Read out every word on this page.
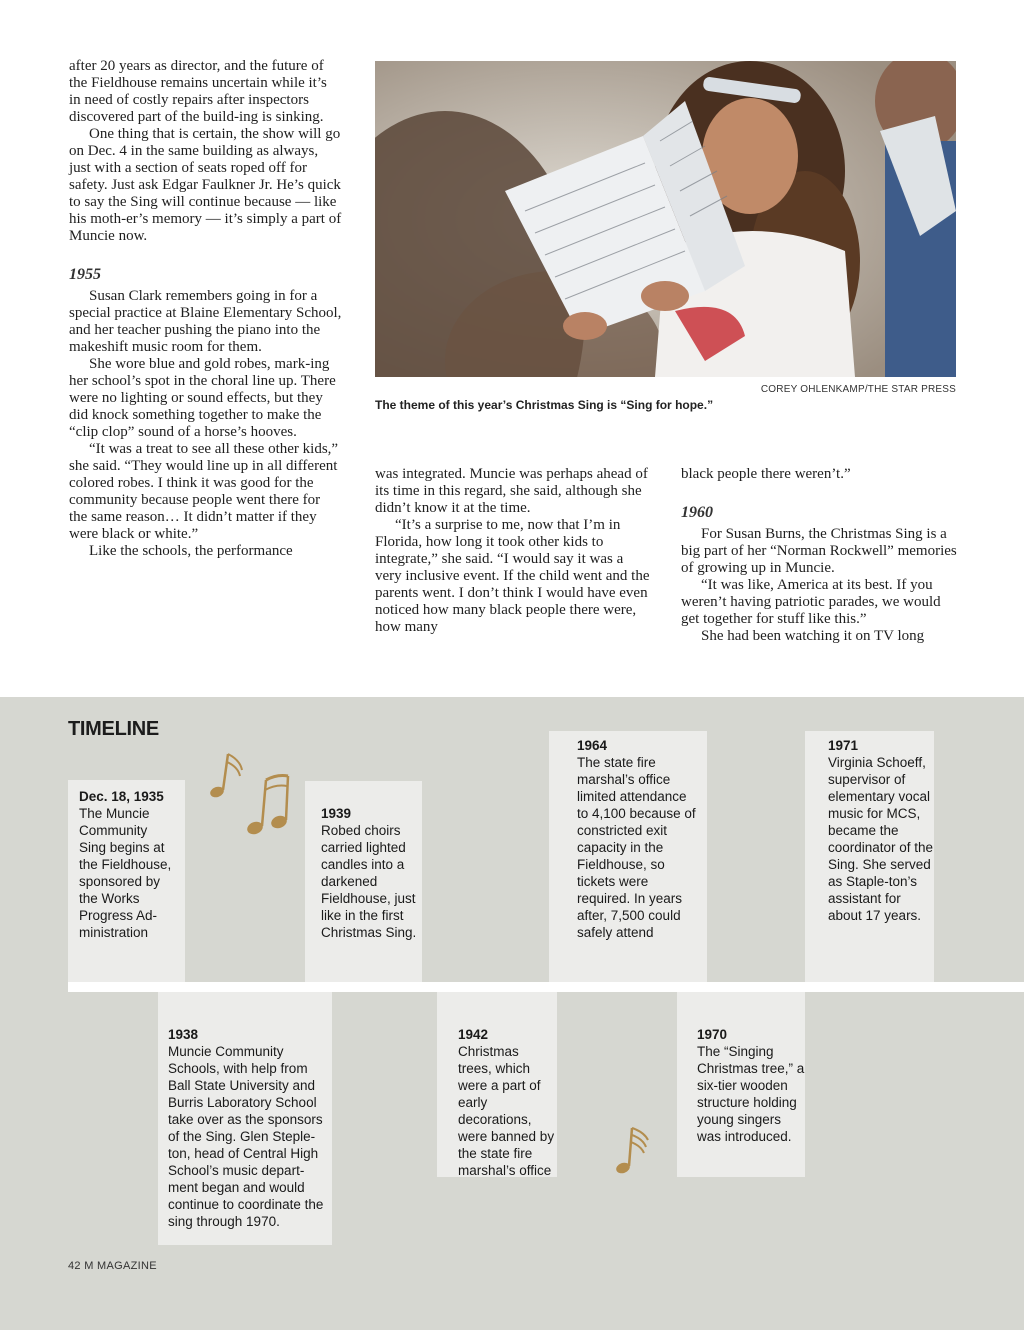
after 20 years as director, and the future of the Fieldhouse remains uncertain while it’s in need of costly repairs after inspectors discovered part of the build-ing is sinking.

One thing that is certain, the show will go on Dec. 4 in the same building as always, just with a section of seats roped off for safety. Just ask Edgar Faulkner Jr. He’s quick to say the Sing will continue because — like his moth-er’s memory — it’s simply a part of Muncie now.

1955

Susan Clark remembers going in for a special practice at Blaine Elementary School, and her teacher pushing the piano into the makeshift music room for them.

She wore blue and gold robes, mark-ing her school’s spot in the choral line up. There were no lighting or sound effects, but they did knock something together to make the “clip clop” sound of a horse’s hooves.

“It was a treat to see all these other kids,” she said. “They would line up in all different colored robes. I think it was good for the community because people went there for the same reason… It didn’t matter if they were black or white.”

Like the schools, the performance

COREY OHLENKAMP/THE STAR PRESS
The theme of this year’s Christmas Sing is “Sing for hope.”

was integrated. Muncie was perhaps ahead of its time in this regard, she said, although she didn’t know it at the time.

“It’s a surprise to me, now that I’m in Florida, how long it took other kids to integrate,” she said. “I would say it was a very inclusive event. If the child went and the parents went. I don’t think I would have even noticed how many black people there were, how many

black people there weren’t.”

1960

For Susan Burns, the Christmas Sing is a big part of her “Norman Rockwell” memories of growing up in Muncie.

“It was like, America at its best. If you weren’t having patriotic parades, we would get together for stuff like this.”

She had been watching it on TV long

TIMELINE
Dec. 18, 1935
The Muncie Community Sing begins at the Fieldhouse, sponsored by the Works Progress Ad-ministration
1939
Robed choirs carried lighted candles into a darkened Fieldhouse, just like in the first Christmas Sing.
1964
The state fire marshal’s office limited attendance to 4,100 because of constricted exit capacity in the Fieldhouse, so tickets were required. In years after, 7,500 could safely attend
1971
Virginia Schoeff, supervisor of elementary vocal music for MCS, became the coordinator of the Sing. She served as Staple-ton’s assistant for about 17 years.
1938
Muncie Community Schools, with help from Ball State University and Burris Laboratory School take over as the sponsors of the Sing. Glen Steple-ton, head of Central High School’s music depart-ment began and would continue to coordinate the sing through 1970.
1942
Christmas trees, which were a part of early decorations, were banned by the state fire marshal’s office
1970
The “Singing Christmas tree,” a six-tier wooden structure holding young singers was introduced.
42 M MAGAZINE
